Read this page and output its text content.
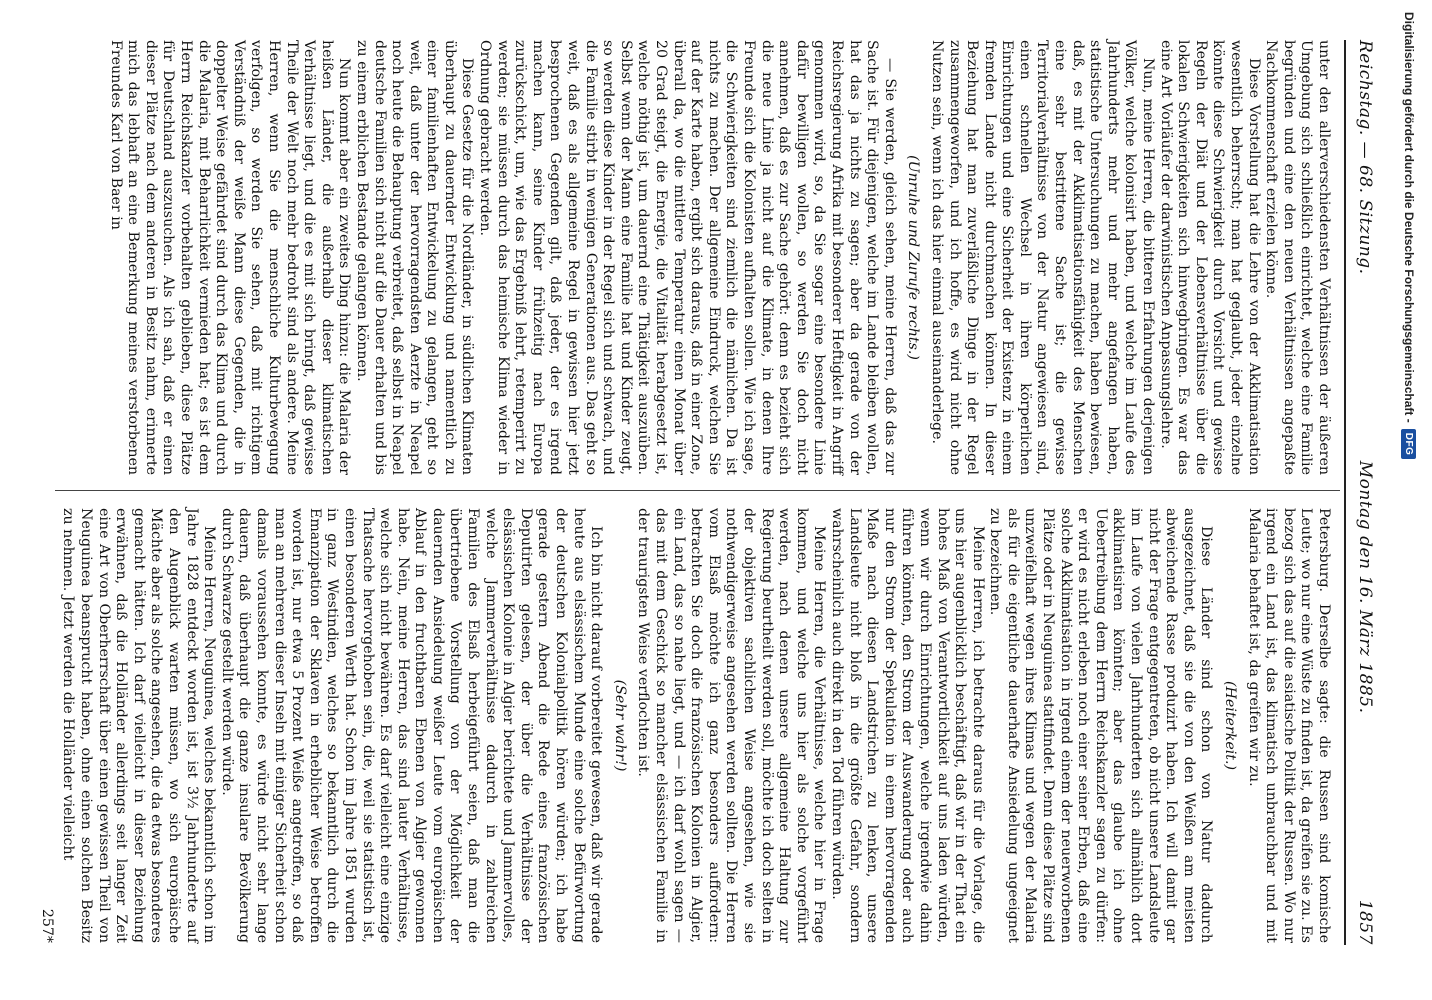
Reichstag. — 68. Sitzung.
Montag den 16. März 1885.
1857

unter den allerverschiedensten Verhältnissen der äußeren Umgebung sich schließlich einrichtet, welche eine Familie begründen und eine den neuen Verhältnissen angepaßte Nachkommenschaft erzielen könne.

Diese Vorstellung hat die Lehre von der Akklimatisation wesentlich beherrscht; man hat geglaubt, jeder einzelne könnte diese Schwierigkeit durch Vorsicht und gewisse Regeln der Diät und der Lebensverhältnisse über die lokalen Schwierigkeiten sich hinwegbringen. Es war das eine Art Vorläufer der darwinistischen Anpassungslehre.

Nun, meine Herren, die bitteren Erfahrungen derjenigen Völker, welche kolonisirt haben, und welche im Laufe des Jahrhunderts mehr und mehr angefangen haben, statistische Untersuchungen zu machen, haben bewiesen, daß, es mit der Akklimatisationsfähigkeit des Menschen eine sehr bestrittene Sache ist; die gewisse Territorialverhältnisse von der Natur angewiesen sind, einen schnellen Wechsel in ihren körperlichen Einrichtungen und eine Sicherheit der Existenz in einem fremden Lande nicht durchmachen können. In dieser Beziehung hat man zuverläßliche Dinge in der Regel zusammengeworfen, und ich hoffe, es wird nicht ohne Nutzen sein, wenn ich das hier einmal auseinanderlege.

(Unruhe und Zurufe rechts.)

— Sie werden, gleich sehen, meine Herren, daß das zur Sache ist. Für diejenigen, welche im Lande bleiben wollen, hat das ja nichts zu sagen; aber da gerade von der Reichsregierung Afrika mit besonderer Heftigkeit in Angriff genommen wird, so, da Sie sogar eine besondere Linie dafür bewilligen wollen, so werden Sie doch nicht annehmen, daß es zur Sache gehört: denn es bezieht sich die neue Linie ja nicht auf die Klimate, in denen Ihre Freunde sich die Kolonisten aufhalten sollen. Wie ich sage, die Schwierigkeiten sind ziemlich die nämlichen. Da ist nichts zu machen. Der allgemeine Eindruck, welchen Sie auf der Karte haben, ergibt sich daraus, daß in einer Zone, überall da, wo die mittlere Temperatur einen Monat über 20 Grad steigt, die Energie, die Vitalität herabgesetzt ist, welche nöthig ist, um dauernd eine Thätigkeit auszuüben. Selbst wenn der Mann eine Familie hat und Kinder zeugt, so werden diese Kinder in der Regel sich und schwach, und die Familie stirbt in wenigen Generationen aus. Das geht so weit, daß es als allgemeine Regel in gewissen hier jetzt besprochenen Gegenden gilt, daß jeder, der es irgend machen kann, seine Kinder frühzeitig nach Europa zurückschickt, um, wie das Ergebniß lehrt, retemperirt zu werden; sie müssen durch das heimische Klima wieder in Ordnung gebracht werden.

Diese Gesetze für die Nordländer, in südlichen Klimaten überhaupt zu dauernder Entwicklung und namentlich zu einer familienhaften Entwickelung zu gelangen, geht so weit, daß unter der hervorragendsten Aerzte in Neapel noch heute die Behauptung verbreitet, daß selbst in Neapel deutsche Familien sich nicht auf die Dauer erhalten und bis zu einem erblichen Bestande gelangen können.

Nun kommt aber ein zweites Ding hinzu: die Malaria der heißen Länder, die außerhalb dieser klimatischen Verhältnisse liegt, und die es mit sich bringt, daß gewisse Theile der Welt noch mehr bedroht sind als andere. Meine Herren, wenn Sie die menschliche Kulturbewegung verfolgen, so werden Sie sehen, daß mit richtigem Verständniß der weiße Mann diese Gegenden, die in doppelter Weise gefährdet sind durch das Klima und durch die Malaria, mit Beharrlichkeit vermieden hat; es ist dem Herrn Reichskanzler vorbehalten geblieben, diese Plätze für Deutschland auszusuchen. Als ich sah, daß er einen dieser Plätze nach dem anderen in Besitz nahm, erinnerte mich das lebhaft an eine Bemerkung meines verstorbenen Freundes Karl von Baer in

Petersburg. Derselbe sagte: die Russen sind komische Leute; wo nur eine Wüste zu finden ist, da greifen sie zu. Es bezog sich das auf die asiatische Politik der Russen. Wo nur irgend ein Land ist, das klimatisch unbrauchbar und mit Malaria behaftet ist, da greifen wir zu.

(Heiterkeit.)

Diese Länder sind schon von Natur dadurch ausgezeichnet, daß sie die von den Weißen am meisten abweichende Rasse produzirt haben. Ich will damit gar nicht der Frage entgegentreten, ob nicht unsere Landsleute im Laufe von vielen Jahrhunderten sich allmählich dort akklimatisiren könnten; aber das glaube ich ohne Uebertreibung dem Herrn Reichskanzler sagen zu dürfen: er wird es nicht erleben noch einer seiner Erben, daß eine solche Akklimatisation in irgend einem der neuerworbenen Plätze oder in Neuguinea stattfindet. Denn diese Plätze sind unzweifelhaft wegen ihres Klimas und wegen der Malaria als für die eigentliche dauerhafte Ansiedelung ungeeignet zu bezeichnen.

Meine Herren, ich betrachte daraus für die Vorlage, die uns hier augenblicklich beschäftigt, daß wir in der That ein hohes Maß von Verantwortlichkeit auf uns laden würden, wenn wir durch Einrichtungen, welche irgendwie dahin führen könnten, den Strom der Auswanderung oder auch nur den Strom der Spekulation in einem hervorragenden Maße nach diesen Landstrichen zu lenken, unsere Landsleute nicht bloß in die größte Gefahr, sondern wahrscheinlich auch direkt in den Tod führen würden.

Meine Herren, die Verhältnisse, welche hier in Frage kommen, und welche uns hier als solche vorgeführt werden, nach denen unsere allgemeine Haltung zur Regierung beurtheilt werden soll, möchte ich doch selten in der objektiven sachlichen Weise angesehen, wie sie nothwendigerweise angesehen werden sollten. Die Herren vom Elsaß möchte ich ganz besonders auffordern: betrachten Sie doch die französischen Kolonien in Algier, ein Land, das so nahe liegt, und — ich darf wohl sagen — das mit dem Geschick so mancher elsässischen Familie in der traurigsten Weise verflochten ist.

(Sehr wahr!)

Ich bin nicht darauf vorbereitet gewesen, daß wir gerade heute aus elsässischem Munde eine solche Befürwortung der deutschen Kolonialpolitik hören würden; ich habe gerade gestern Abend die Rede eines französischen Deputirten gelesen, der über die Verhältnisse der elsässischen Kolonie in Algier berichtete und Jammervolles, welche Jammerverhältnisse dadurch in zahlreichen Familien des Elsaß herbeigeführt seien, daß man die übertriebene Vorstellung von der Möglichkeit der dauernden Ansiedelung weißer Leute vom europäischen Ablauf in den fruchtbaren Ebenen von Algier gewonnen habe. Nein, meine Herren, das sind lauter Verhältnisse, welche sich nicht bewähren. Es darf vielleicht eine einzige Thatsache hervorgehoben sein, die, weil sie statistisch ist, einen besonderen Werth hat. Schon im Jahre 1851 wurden in ganz Westindien, welches so bekanntlich durch die Emanzipation der Sklaven in erheblicher Weise betroffen worden ist, nur etwa 5 Prozent Weiße angetroffen, so daß man an mehreren dieser Inseln mit einiger Sicherheit schon damals voraussehen konnte, es würde nicht sehr lange dauern, daß überhaupt die ganze insulare Bevölkerung durch Schwarze gestellt werden würde.

Meine Herren, Neuguinea, welches bekanntlich schon im Jahre 1828 entdeckt worden ist, ist 3½ Jahrhunderte auf den Augenblick warten müssen, wo sich europäische Mächte aber als solche angesehen, die da etwas besonderes gemacht hätten. Ich darf vielleicht in dieser Beziehung erwähnen, daß die Holländer allerdings seit langer Zeit eine Art von Oberherrschaft über einen gewissen Theil von Neuguinea beansprucht haben, ohne einen solchen Besitz zu nehmen. Jetzt werden die Holländer vielleicht

257*

Digitalisierung gefördert durch die Deutsche Forschungsgemeinschaft -
DFG
